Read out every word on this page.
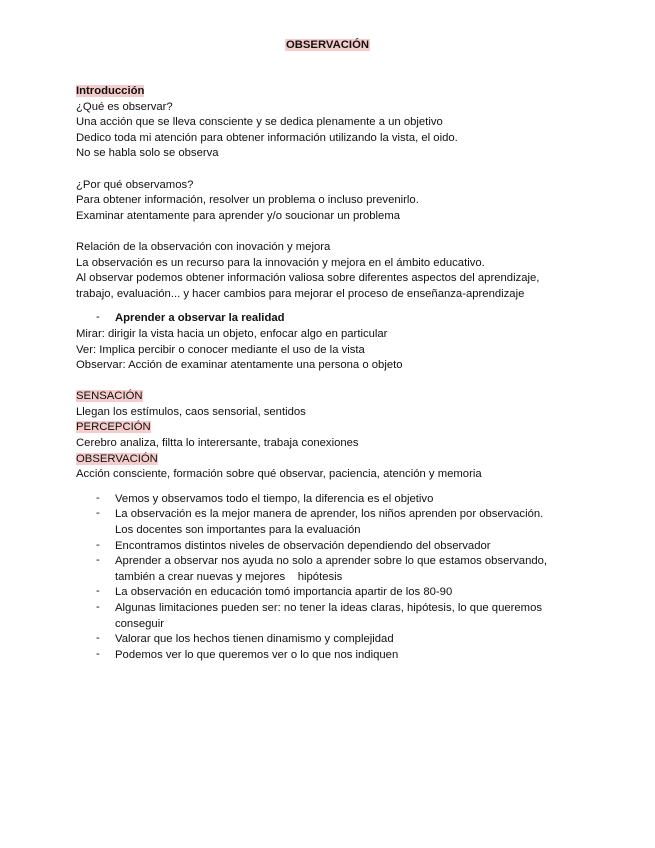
OBSERVACIÓN
Introducción
¿Qué es observar?
Una acción que se lleva consciente y se dedica plenamente a un objetivo
Dedico toda mi atención para obtener información utilizando la vista, el oido.
No se habla solo se observa
¿Por qué observamos?
Para obtener información, resolver un problema o incluso prevenirlo.
Examinar atentamente para aprender y/o soucionar un problema
Relación de la observación con inovación y mejora
La observación es un recurso para la innovación y mejora en el ámbito educativo.
Al observar podemos obtener información valiosa sobre diferentes aspectos del aprendizaje,
trabajo, evaluación... y hacer cambios para mejorar el proceso de enseñanza-aprendizaje
-	Aprender a observar la realidad
Mirar: dirigir la vista hacia un objeto, enfocar algo en particular
Ver: Implica percibir o conocer mediante el uso de la vista
Observar: Acción de examinar atentamente una persona o objeto
SENSACIÓN
Llegan los estímulos, caos sensorial, sentidos
PERCEPCIÓN
Cerebro analiza, filtta lo interersante, trabaja conexiones
OBSERVACIÓN
Acción consciente, formación sobre qué observar, paciencia, atención y memoria
-	Vemos y observamos todo el tiempo, la diferencia es el objetivo
-	La observación es la mejor manera de aprender, los niños aprenden por observación.
Los docentes son importantes para la evaluación
-	Encontramos distintos niveles de observación dependiendo del observador
-	Aprender a observar nos ayuda no solo a aprender sobre lo que estamos observando,
también a crear nuevas y mejores    hipótesis
-	La observación en educación tomó importancia apartir de los 80-90
-	Algunas limitaciones pueden ser: no tener la ideas claras, hipótesis, lo que queremos
conseguir
-	Valorar que los hechos tienen dinamismo y complejidad
-	Podemos ver lo que queremos ver o lo que nos indiquen
